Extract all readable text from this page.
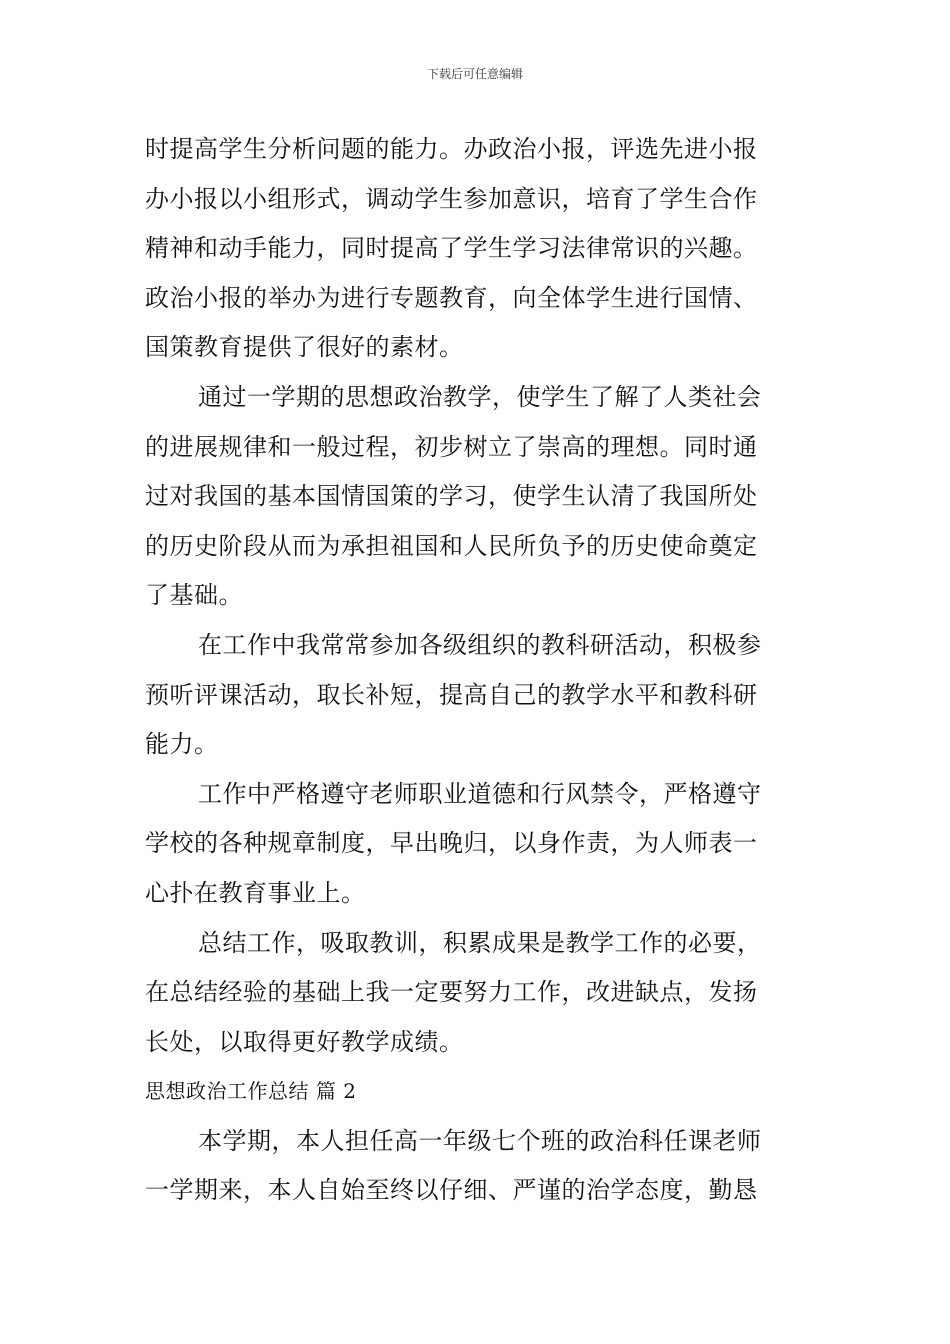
下载后可任意编辑
时提高学生分析问题的能力。办政治小报，评选先进小报
办小报以小组形式，调动学生参加意识，培育了学生合作
精神和动手能力，同时提高了学生学习法律常识的兴趣。
政治小报的举办为进行专题教育，向全体学生进行国情、
国策教育提供了很好的素材。
通过一学期的思想政治教学，使学生了解了人类社会
的进展规律和一般过程，初步树立了崇高的理想。同时通
过对我国的基本国情国策的学习，使学生认清了我国所处
的历史阶段从而为承担祖国和人民所负予的历史使命奠定
了基础。
在工作中我常常参加各级组织的教科研活动，积极参
预听评课活动，取长补短，提高自己的教学水平和教科研
能力。
工作中严格遵守老师职业道德和行风禁令，严格遵守
学校的各种规章制度，早出晚归，以身作责，为人师表一
心扑在教育事业上。
总结工作，吸取教训，积累成果是教学工作的必要，
在总结经验的基础上我一定要努力工作，改进缺点，发扬
长处，以取得更好教学成绩。
思想政治工作总结 篇 2
本学期，本人担任高一年级七个班的政治科任课老师
一学期来，本人自始至终以仔细、严谨的治学态度，勤恳
